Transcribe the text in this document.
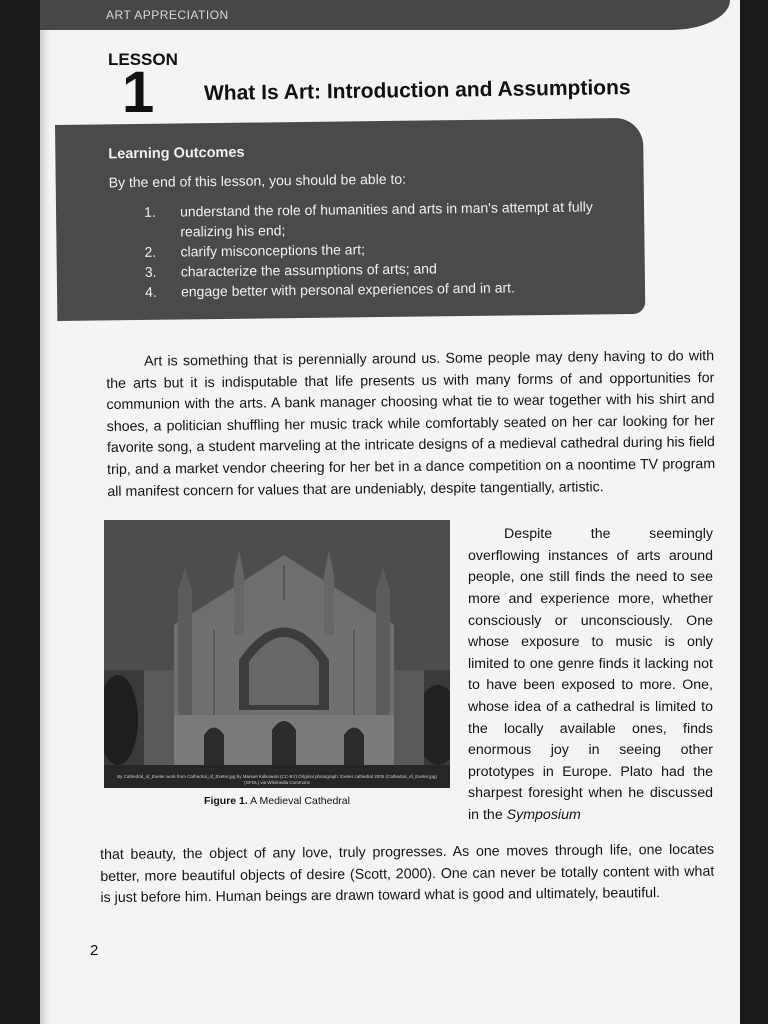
ART APPRECIATION
LESSON
1 What Is Art: Introduction and Assumptions
Learning Outcomes
By the end of this lesson, you should be able to:
1. understand the role of humanities and arts in man's attempt at fully realizing his end;
2. clarify misconceptions the art;
3. characterize the assumptions of arts; and
4. engage better with personal experiences of and in art.

Art is something that is perennially around us. Some people may deny having to do with the arts but it is indisputable that life presents us with many forms of and opportunities for communion with the arts. A bank manager choosing what tie to wear together with his shirt and shoes, a politician shuffling her music track while comfortably seated on her car looking for her favorite song, a student marveling at the intricate designs of a medieval cathedral during his field trip, and a market vendor cheering for her bet in a dance competition on a noontime TV program all manifest concern for values that are undeniably, despite tangentially, artistic.

By Cathedral_of_Exeter work from Cathedral_of_Exeter.jpg by Manuel Kalkowski (CC-BY) Original photograph: Exeter cathedral 2005 (Cathedral_of_Exeter.jpg) (GFDL) via Wikimedia Commons
Figure 1. A Medieval Cathedral

Despite the seemingly overflowing instances of arts around people, one still finds the need to see more and experience more, whether consciously or unconsciously. One whose exposure to music is only limited to one genre finds it lacking not to have been exposed to more. One, whose idea of a cathedral is limited to the locally available ones, finds enormous joy in seeing other prototypes in Europe. Plato had the sharpest foresight when he discussed in the Symposium

that beauty, the object of any love, truly progresses. As one moves through life, one locates better, more beautiful objects of desire (Scott, 2000). One can never be totally content with what is just before him. Human beings are drawn toward what is good and ultimately, beautiful.

2
